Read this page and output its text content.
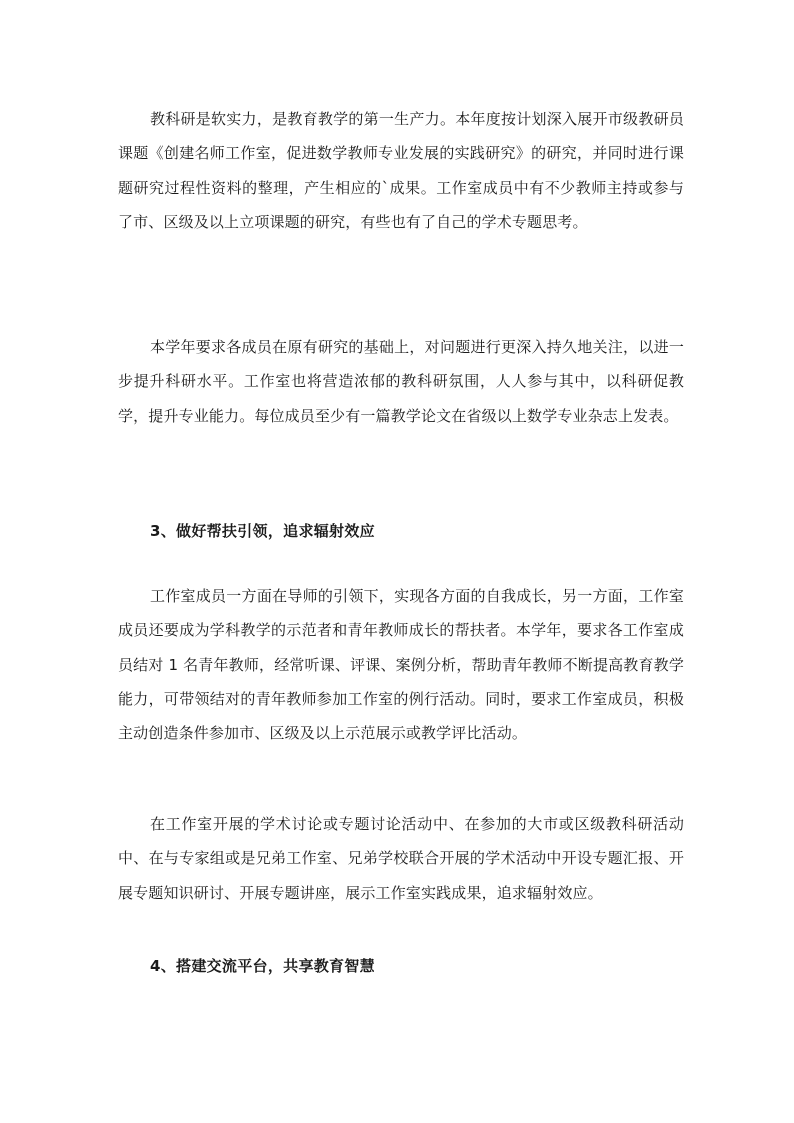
教科研是软实力，是教育教学的第一生产力。本年度按计划深入展开市级教研员课题《创建名师工作室，促进数学教师专业发展的实践研究》的研究，并同时进行课题研究过程性资料的整理，产生相应的`成果。工作室成员中有不少教师主持或参与了市、区级及以上立项课题的研究，有些也有了自己的学术专题思考。

本学年要求各成员在原有研究的基础上，对问题进行更深入持久地关注，以进一步提升科研水平。工作室也将营造浓郁的教科研氛围，人人参与其中，以科研促教学，提升专业能力。每位成员至少有一篇教学论文在省级以上数学专业杂志上发表。

3、做好帮扶引领，追求辐射效应

工作室成员一方面在导师的引领下，实现各方面的自我成长，另一方面，工作室成员还要成为学科教学的示范者和青年教师成长的帮扶者。本学年，要求各工作室成员结对 1 名青年教师，经常听课、评课、案例分析，帮助青年教师不断提高教育教学能力，可带领结对的青年教师参加工作室的例行活动。同时，要求工作室成员，积极主动创造条件参加市、区级及以上示范展示或教学评比活动。

在工作室开展的学术讨论或专题讨论活动中、在参加的大市或区级教科研活动中、在与专家组或是兄弟工作室、兄弟学校联合开展的学术活动中开设专题汇报、开展专题知识研讨、开展专题讲座，展示工作室实践成果，追求辐射效应。

4、搭建交流平台，共享教育智慧
